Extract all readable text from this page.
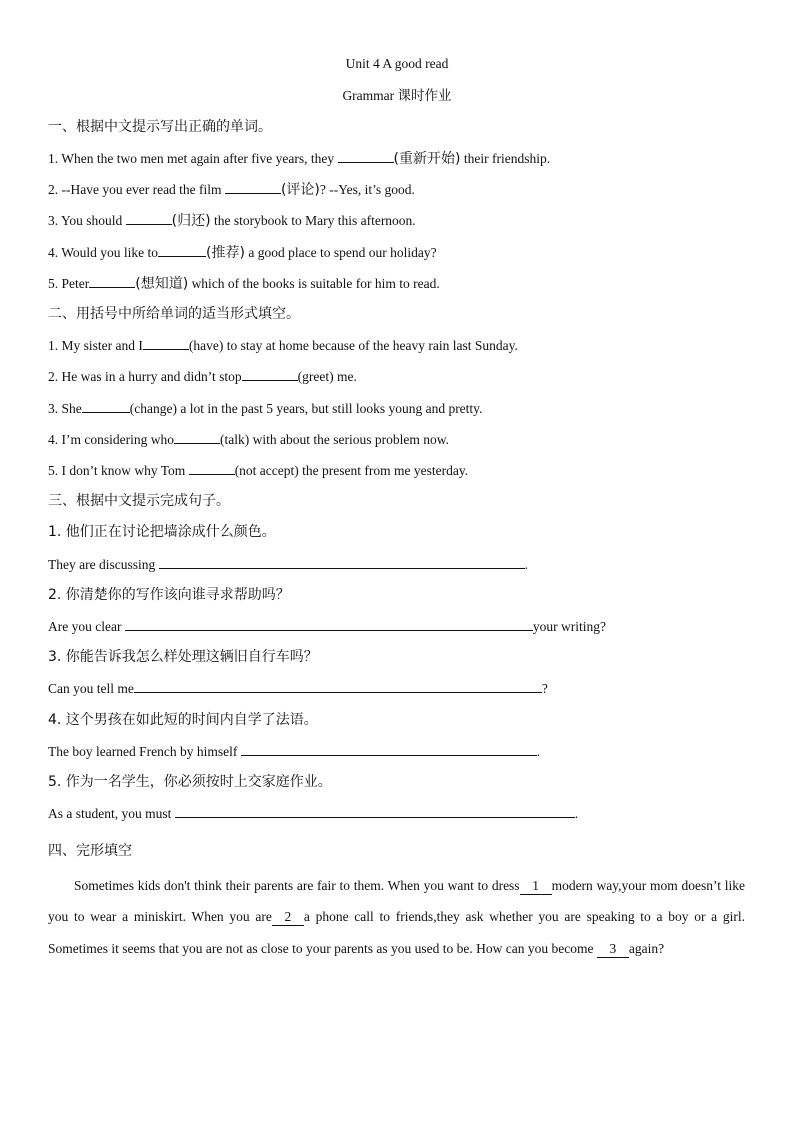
Unit 4 A good read
Grammar 课时作业
一、根据中文提示写出正确的单词。
1. When the two men met again after five years, they	(重新开始) their friendship.
2. --Have you ever read the film	(评论)? --Yes, it’s good.
3. You should	(归还) the storybook to Mary this afternoon.
4. Would you like to	(推荐) a good place to spend our holiday?
5. Peter	(想知道) which of the books is suitable for him to read.
二、用括号中所给单词的适当形式填空。
1. My sister and I	(have) to stay at home because of the heavy rain last Sunday.
2. He was in a hurry and didn’t stop	(greet) me.
3. She	(change) a lot in the past 5 years, but still looks young and pretty.
4. I’m considering who	(talk) with about the serious problem now.
5. I don’t know why Tom	(not accept) the present from me yesterday.
三、根据中文提示完成句子。
1. 他们正在讨论把墙涂成什么颜色。
They are discussing	.
2. 你清楚你的写作该向谁寻求帮助吗？
Are you clear	your writing?
3. 你能告诉我怎么样处理这辆旧自行车吗？
Can you tell me	?
4. 这个男孩在如此短的时间内自学了法语。
The boy learned French by himself	.
5. 作为一名学生，你必须按时上交家庭作业。
As a student, you must	.
四、完形填空
Sometimes kids don't think their parents are fair to them. When you want to dress 1 modern way,your mom doesn’t like you to wear a miniskirt. When you are 2 a phone call to friends,they ask whether you are speaking to a boy or a girl. Sometimes it seems that you are not as close to your parents as you used to be. How can you become 3 again?
